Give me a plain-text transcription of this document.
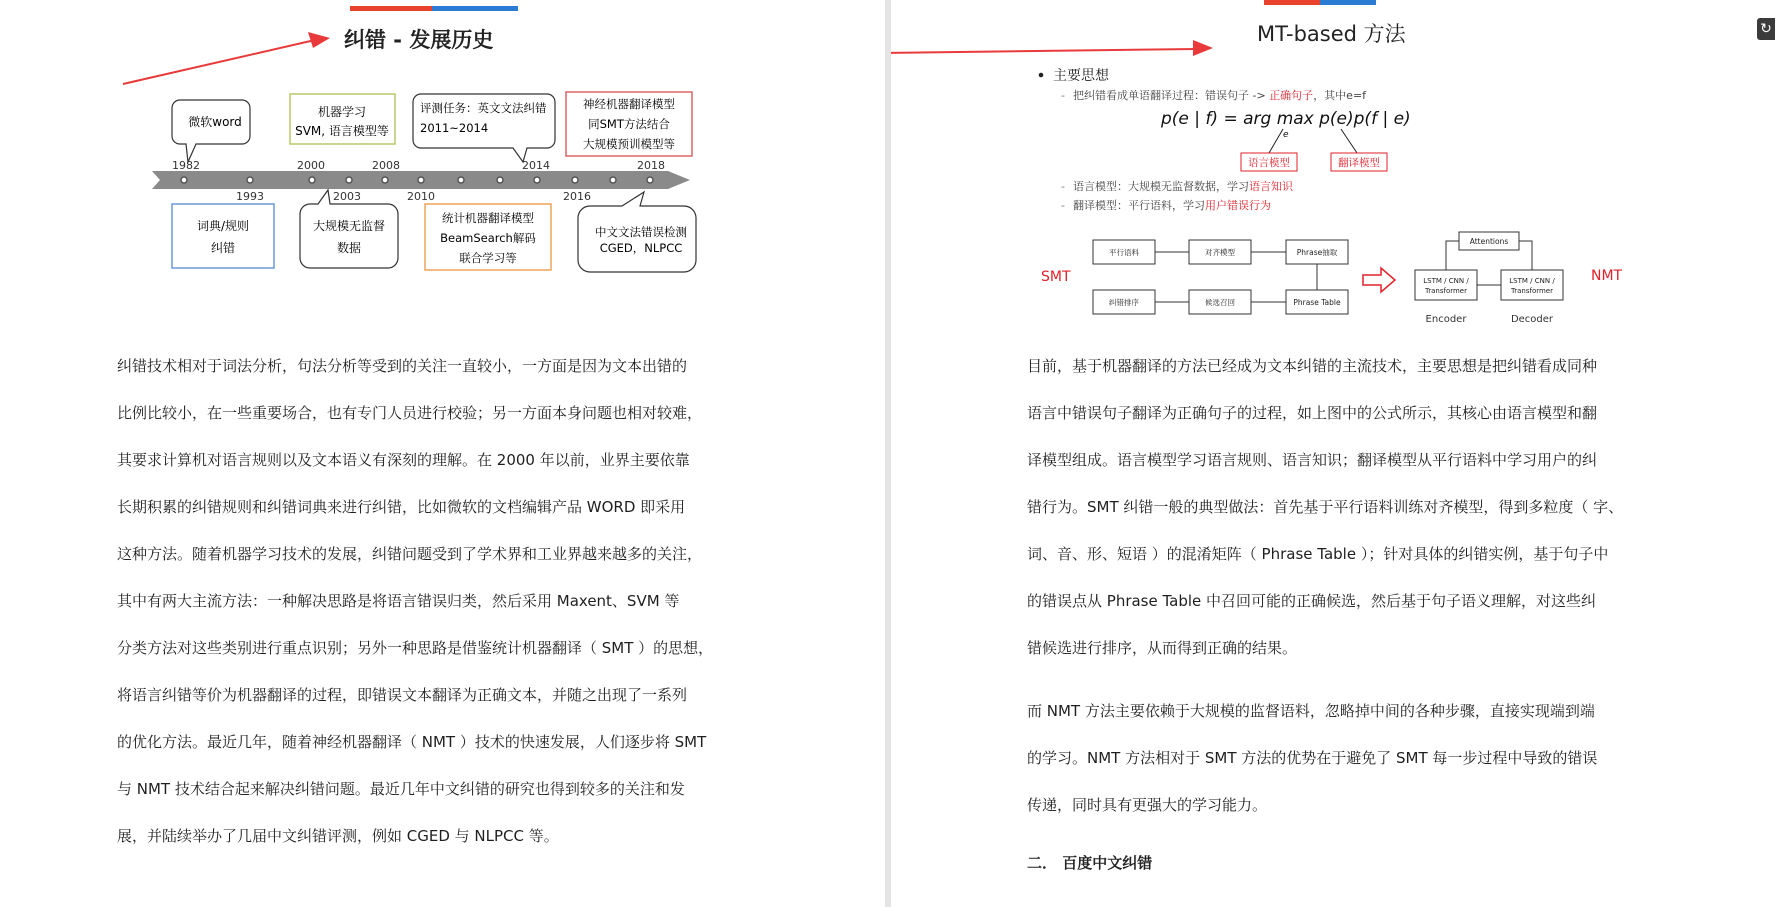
纠错 - 发展历史
1982	2000	2008	2014	2018
1993	2003	2010	2016
微软word
机器学习
SVM, 语言模型等
评测任务：英文文法纠错
2011~2014
神经机器翻译模型
同SMT方法结合
大规模预训模型等
词典/规则
纠错
大规模无监督
数据
统计机器翻译模型
BeamSearch解码
联合学习等
中文文法错误检测
CGED，NLPCC
纠错技术相对于词法分析，句法分析等受到的关注一直较小，一方面是因为文本出错的
比例比较小，在一些重要场合，也有专门人员进行校验；另一方面本身问题也相对较难，
其要求计算机对语言规则以及文本语义有深刻的理解。在 2000 年以前，业界主要依靠
长期积累的纠错规则和纠错词典来进行纠错，比如微软的文档编辑产品 WORD 即采用
这种方法。随着机器学习技术的发展，纠错问题受到了学术界和工业界越来越多的关注，
其中有两大主流方法：一种解决思路是将语言错误归类，然后采用 Maxent、SVM 等
分类方法对这些类别进行重点识别；另外一种思路是借鉴统计机器翻译（ SMT ）的思想，
将语言纠错等价为机器翻译的过程，即错误文本翻译为正确文本，并随之出现了一系列
的优化方法。最近几年，随着神经机器翻译（ NMT ）技术的快速发展，人们逐步将 SMT
与 NMT 技术结合起来解决纠错问题。最近几年中文纠错的研究也得到较多的关注和发
展，并陆续举办了几届中文纠错评测，例如 CGED 与 NLPCC 等。
MT-based 方法
主要思想
- 把纠错看成单语翻译过程：错误句子 -> 正确句子，其中e=f
p(e | f) = arg max p(e)p(f | e)
e
语言模型	翻译模型
- 语言模型：大规模无监督数据，学习语言知识
- 翻译模型：平行语料，学习用户错误行为
SMT
平行语料	对齐模型	Phrase抽取
纠错排序	候选召回	Phrase Table
Attentions
LSTM / CNN /
Transformer
LSTM / CNN /
Transformer
NMT
Encoder	Decoder
目前，基于机器翻译的方法已经成为文本纠错的主流技术，主要思想是把纠错看成同种
语言中错误句子翻译为正确句子的过程，如上图中的公式所示，其核心由语言模型和翻
译模型组成。语言模型学习语言规则、语言知识；翻译模型从平行语料中学习用户的纠
错行为。SMT 纠错一般的典型做法：首先基于平行语料训练对齐模型，得到多粒度（ 字、
词、音、形、短语 ）的混淆矩阵（ Phrase Table ）；针对具体的纠错实例，基于句子中
的错误点从 Phrase Table 中召回可能的正确候选，然后基于句子语义理解，对这些纠
错候选进行排序，从而得到正确的结果。
而 NMT 方法主要依赖于大规模的监督语料，忽略掉中间的各种步骤，直接实现端到端
的学习。NMT 方法相对于 SMT 方法的优势在于避免了 SMT 每一步过程中导致的错误
传递，同时具有更强大的学习能力。
二． 百度中文纠错
↻
